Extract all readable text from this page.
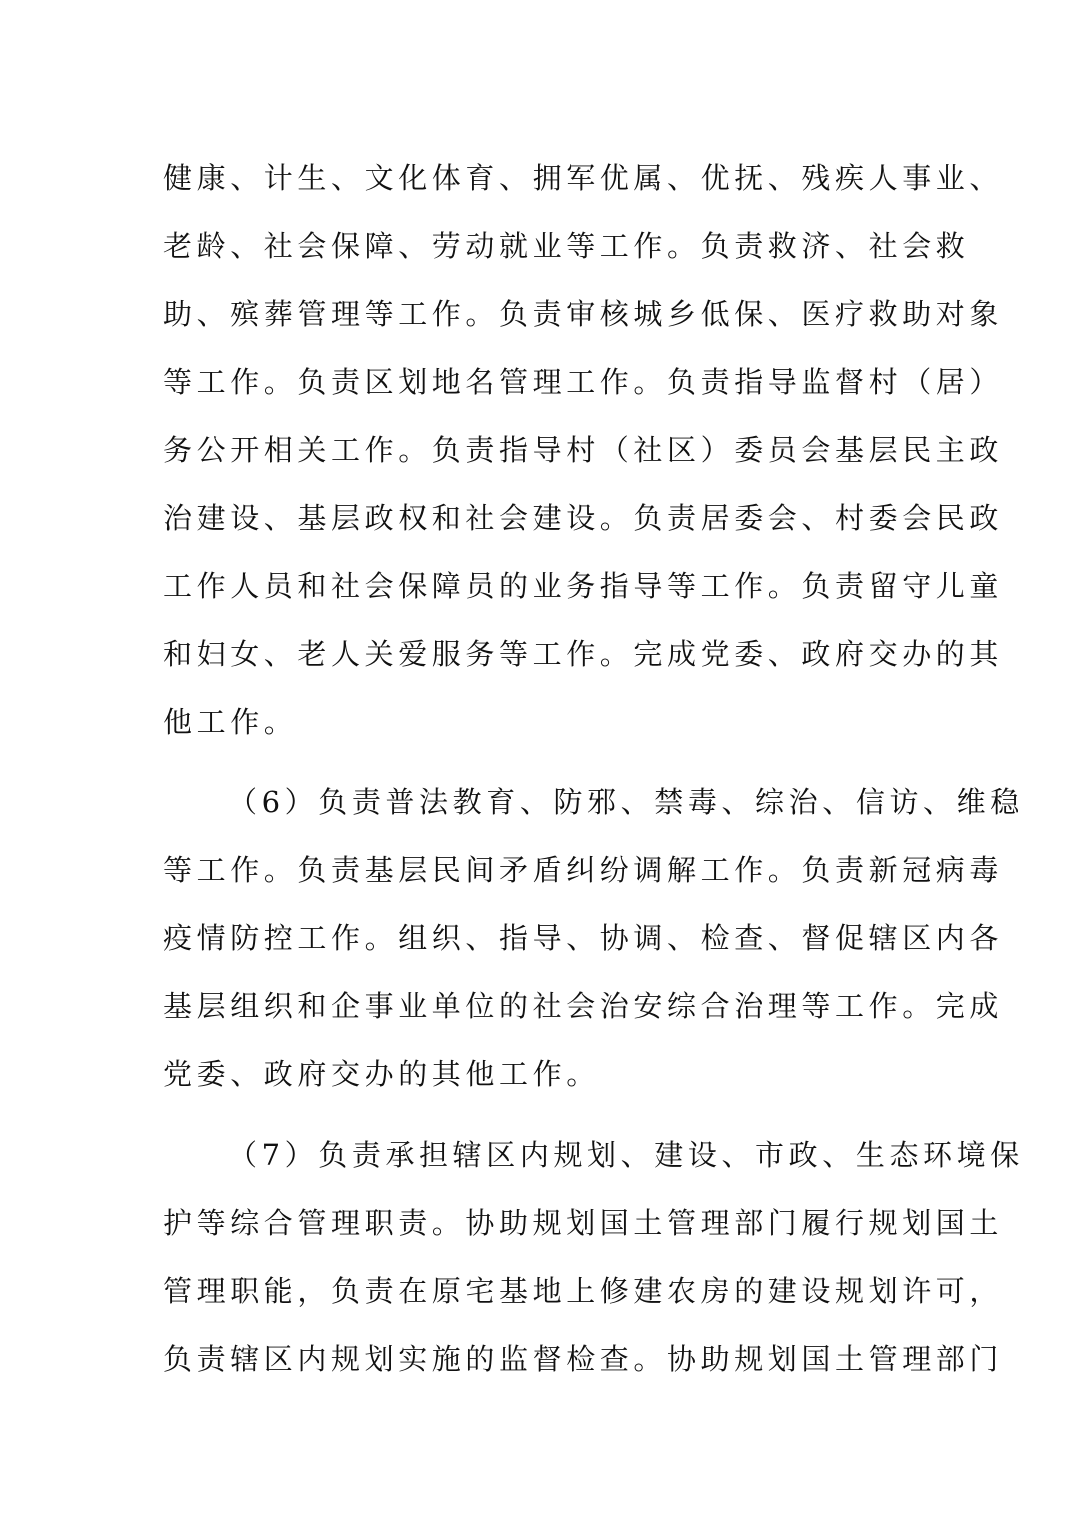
健康、计生、文化体育、拥军优属、优抚、残疾人事业、
老龄、社会保障、劳动就业等工作。负责救济、社会救
助、殡葬管理等工作。负责审核城乡低保、医疗救助对象
等工作。负责区划地名管理工作。负责指导监督村（居）
务公开相关工作。负责指导村（社区）委员会基层民主政
治建设、基层政权和社会建设。负责居委会、村委会民政
工作人员和社会保障员的业务指导等工作。负责留守儿童
和妇女、老人关爱服务等工作。完成党委、政府交办的其
他工作。
（6）负责普法教育、防邪、禁毒、综治、信访、维稳
等工作。负责基层民间矛盾纠纷调解工作。负责新冠病毒
疫情防控工作。组织、指导、协调、检查、督促辖区内各
基层组织和企事业单位的社会治安综合治理等工作。完成
党委、政府交办的其他工作。
（7）负责承担辖区内规划、建设、市政、生态环境保
护等综合管理职责。协助规划国土管理部门履行规划国土
管理职能，负责在原宅基地上修建农房的建设规划许可，
负责辖区内规划实施的监督检查。协助规划国土管理部门
